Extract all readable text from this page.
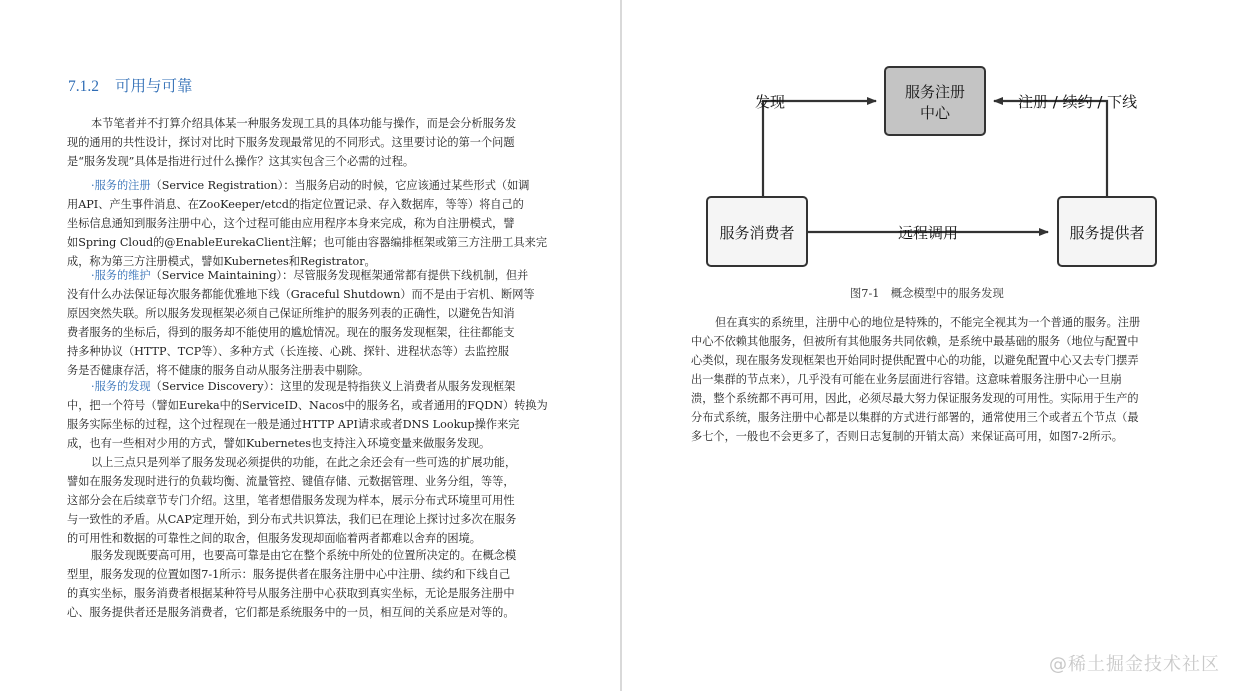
7.1.2 可用与可靠

本节笔者并不打算介绍具体某一种服务发现工具的具体功能与操作，而是会分析服务发
现的通用的共性设计，探讨对比时下服务发现最常见的不同形式。这里要讨论的第一个问题
是“服务发现”具体是指进行过什么操作？这其实包含三个必需的过程。

·服务的注册（Service Registration）：当服务启动的时候，它应该通过某些形式（如调
用API、产生事件消息、在ZooKeeper/etcd的指定位置记录、存入数据库，等等）将自己的
坐标信息通知到服务注册中心，这个过程可能由应用程序本身来完成，称为自注册模式，譬
如Spring Cloud的@EnableEurekaClient注解；也可能由容器编排框架或第三方注册工具来完
成，称为第三方注册模式，譬如Kubernetes和Registrator。

·服务的维护（Service Maintaining）：尽管服务发现框架通常都有提供下线机制，但并
没有什么办法保证每次服务都能优雅地下线（Graceful Shutdown）而不是由于宕机、断网等
原因突然失联。所以服务发现框架必须自己保证所维护的服务列表的正确性，以避免告知消
费者服务的坐标后，得到的服务却不能使用的尴尬情况。现在的服务发现框架，往往都能支
持多种协议（HTTP、TCP等）、多种方式（长连接、心跳、探针、进程状态等）去监控服
务是否健康存活，将不健康的服务自动从服务注册表中剔除。

·服务的发现（Service Discovery）：这里的发现是特指狭义上消费者从服务发现框架
中，把一个符号（譬如Eureka中的ServiceID、Nacos中的服务名，或者通用的FQDN）转换为
服务实际坐标的过程，这个过程现在一般是通过HTTP API请求或者DNS Lookup操作来完
成，也有一些相对少用的方式，譬如Kubernetes也支持注入环境变量来做服务发现。

以上三点只是列举了服务发现必须提供的功能，在此之余还会有一些可选的扩展功能，
譬如在服务发现时进行的负载均衡、流量管控、键值存储、元数据管理、业务分组，等等，
这部分会在后续章节专门介绍。这里，笔者想借服务发现为样本，展示分布式环境里可用性
与一致性的矛盾。从CAP定理开始，到分布式共识算法，我们已在理论上探讨过多次在服务
的可用性和数据的可靠性之间的取舍，但服务发现却面临着两者都难以舍弃的困境。

服务发现既要高可用，也要高可靠是由它在整个系统中所处的位置所决定的。在概念模
型里，服务发现的位置如图7-1所示：服务提供者在服务注册中心中注册、续约和下线自己
的真实坐标，服务消费者根据某种符号从服务注册中心获取到真实坐标，无论是服务注册中
心、服务提供者还是服务消费者，它们都是系统服务中的一员，相互间的关系应是对等的。

服务注册
中心
服务消费者	服务提供者
发现	注册 / 续约 / 下线
远程调用

图7-1　概念模型中的服务发现

但在真实的系统里，注册中心的地位是特殊的，不能完全视其为一个普通的服务。注册
中心不依赖其他服务，但被所有其他服务共同依赖，是系统中最基础的服务（地位与配置中
心类似，现在服务发现框架也开始同时提供配置中心的功能，以避免配置中心又去专门摆弄
出一集群的节点来），几乎没有可能在业务层面进行容错。这意味着服务注册中心一旦崩
溃，整个系统都不再可用，因此，必须尽最大努力保证服务发现的可用性。实际用于生产的
分布式系统，服务注册中心都是以集群的方式进行部署的，通常使用三个或者五个节点（最
多七个，一般也不会更多了，否则日志复制的开销太高）来保证高可用，如图7-2所示。

@稀土掘金技术社区
